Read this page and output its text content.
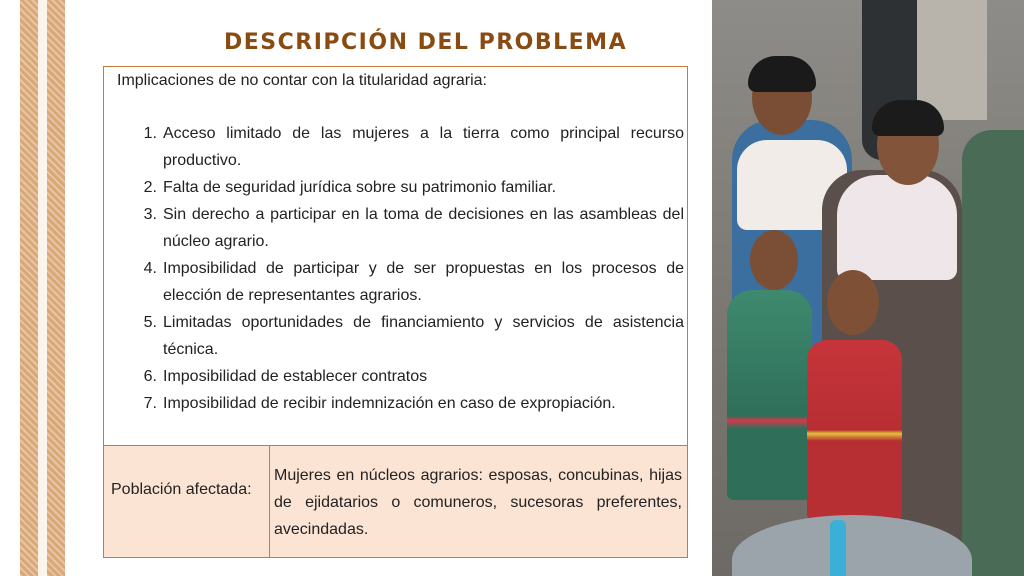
DESCRIPCIÓN DEL PROBLEMA

Implicaciones de no contar con la titularidad agraria:

1. Acceso limitado de las mujeres a la tierra como principal recurso productivo.
2. Falta de seguridad jurídica sobre su patrimonio familiar.
3. Sin derecho a participar en la toma de decisiones en las asambleas del núcleo agrario.
4. Imposibilidad de participar y de ser propuestas en los procesos de elección de representantes agrarios.
5. Limitadas oportunidades de financiamiento y servicios de asistencia técnica.
6. Imposibilidad de establecer contratos
7. Imposibilidad de recibir indemnización en caso de expropiación.

Población afectada:

Mujeres en núcleos agrarios: esposas, concubinas, hijas de ejidatarios o comuneros, sucesoras preferentes, avecindadas.
